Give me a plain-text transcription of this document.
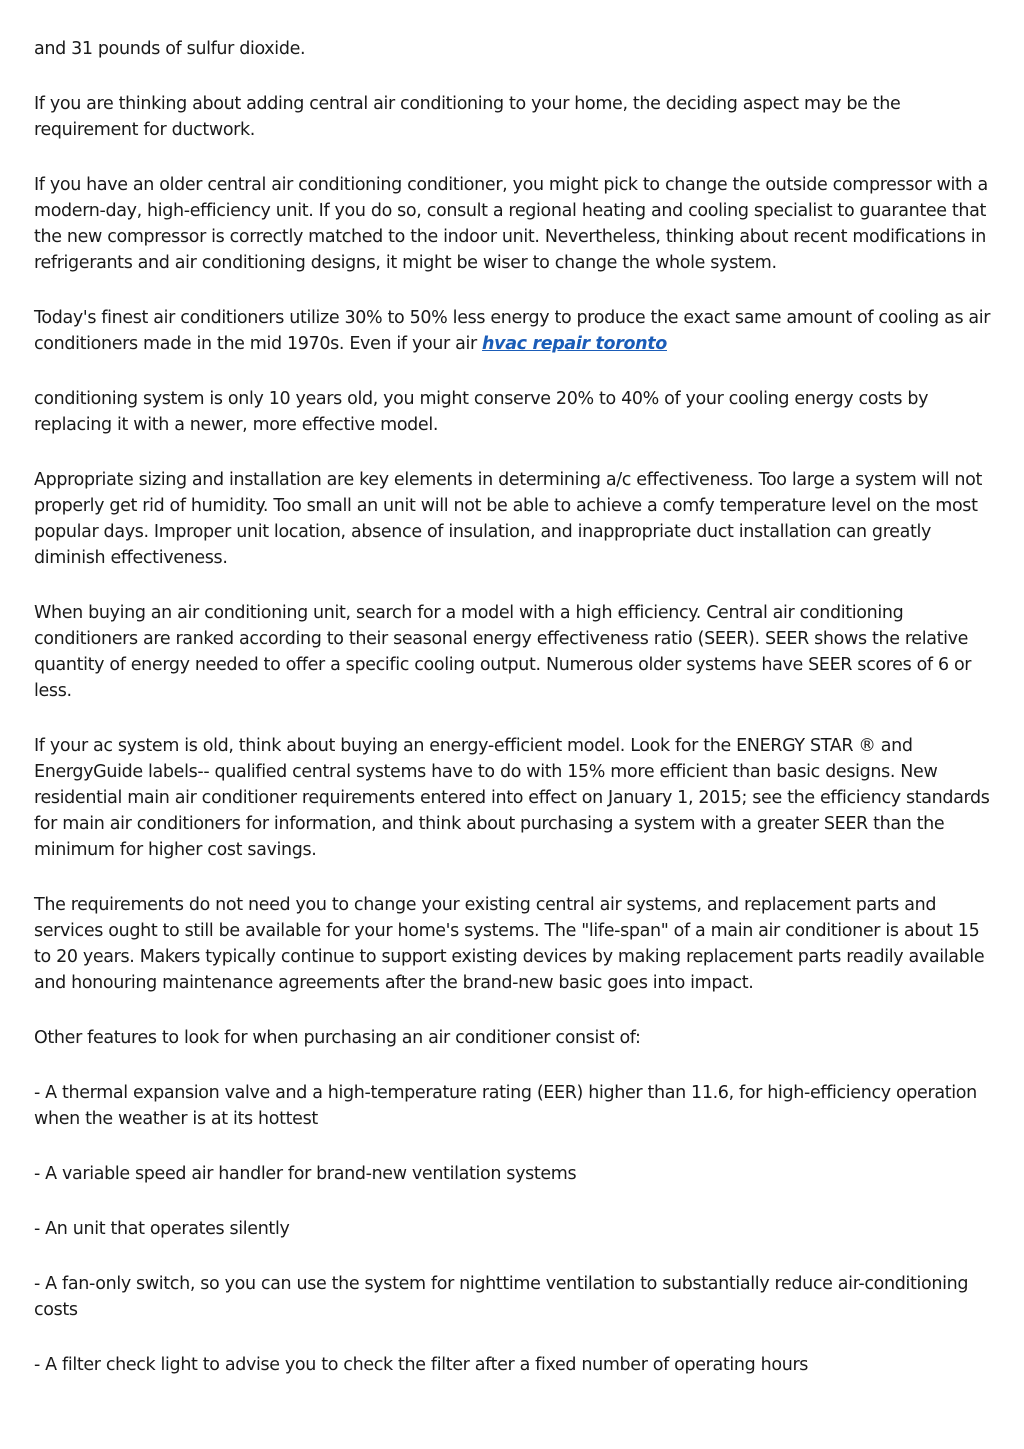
and 31 pounds of sulfur dioxide.

If you are thinking about adding central air conditioning to your home, the deciding aspect may be the requirement for ductwork.

If you have an older central air conditioning conditioner, you might pick to change the outside compressor with a modern-day, high-efficiency unit. If you do so, consult a regional heating and cooling specialist to guarantee that the new compressor is correctly matched to the indoor unit. Nevertheless, thinking about recent modifications in refrigerants and air conditioning designs, it might be wiser to change the whole system.

Today's finest air conditioners utilize 30% to 50% less energy to produce the exact same amount of cooling as air conditioners made in the mid 1970s. Even if your air hvac repair toronto

conditioning system is only 10 years old, you might conserve 20% to 40% of your cooling energy costs by replacing it with a newer, more effective model.

Appropriate sizing and installation are key elements in determining a/c effectiveness. Too large a system will not properly get rid of humidity. Too small an unit will not be able to achieve a comfy temperature level on the most popular days. Improper unit location, absence of insulation, and inappropriate duct installation can greatly diminish effectiveness.

When buying an air conditioning unit, search for a model with a high efficiency. Central air conditioning conditioners are ranked according to their seasonal energy effectiveness ratio (SEER). SEER shows the relative quantity of energy needed to offer a specific cooling output. Numerous older systems have SEER scores of 6 or less.

If your ac system is old, think about buying an energy-efficient model. Look for the ENERGY STAR ® and EnergyGuide labels-- qualified central systems have to do with 15% more efficient than basic designs. New residential main air conditioner requirements entered into effect on January 1, 2015; see the efficiency standards for main air conditioners for information, and think about purchasing a system with a greater SEER than the minimum for higher cost savings.

The requirements do not need you to change your existing central air systems, and replacement parts and services ought to still be available for your home's systems. The "life-span" of a main air conditioner is about 15 to 20 years. Makers typically continue to support existing devices by making replacement parts readily available and honouring maintenance agreements after the brand-new basic goes into impact.

Other features to look for when purchasing an air conditioner consist of:

- A thermal expansion valve and a high-temperature rating (EER) higher than 11.6, for high-efficiency operation when the weather is at its hottest

- A variable speed air handler for brand-new ventilation systems

- An unit that operates silently

- A fan-only switch, so you can use the system for nighttime ventilation to substantially reduce air-conditioning costs

- A filter check light to advise you to check the filter after a fixed number of operating hours
